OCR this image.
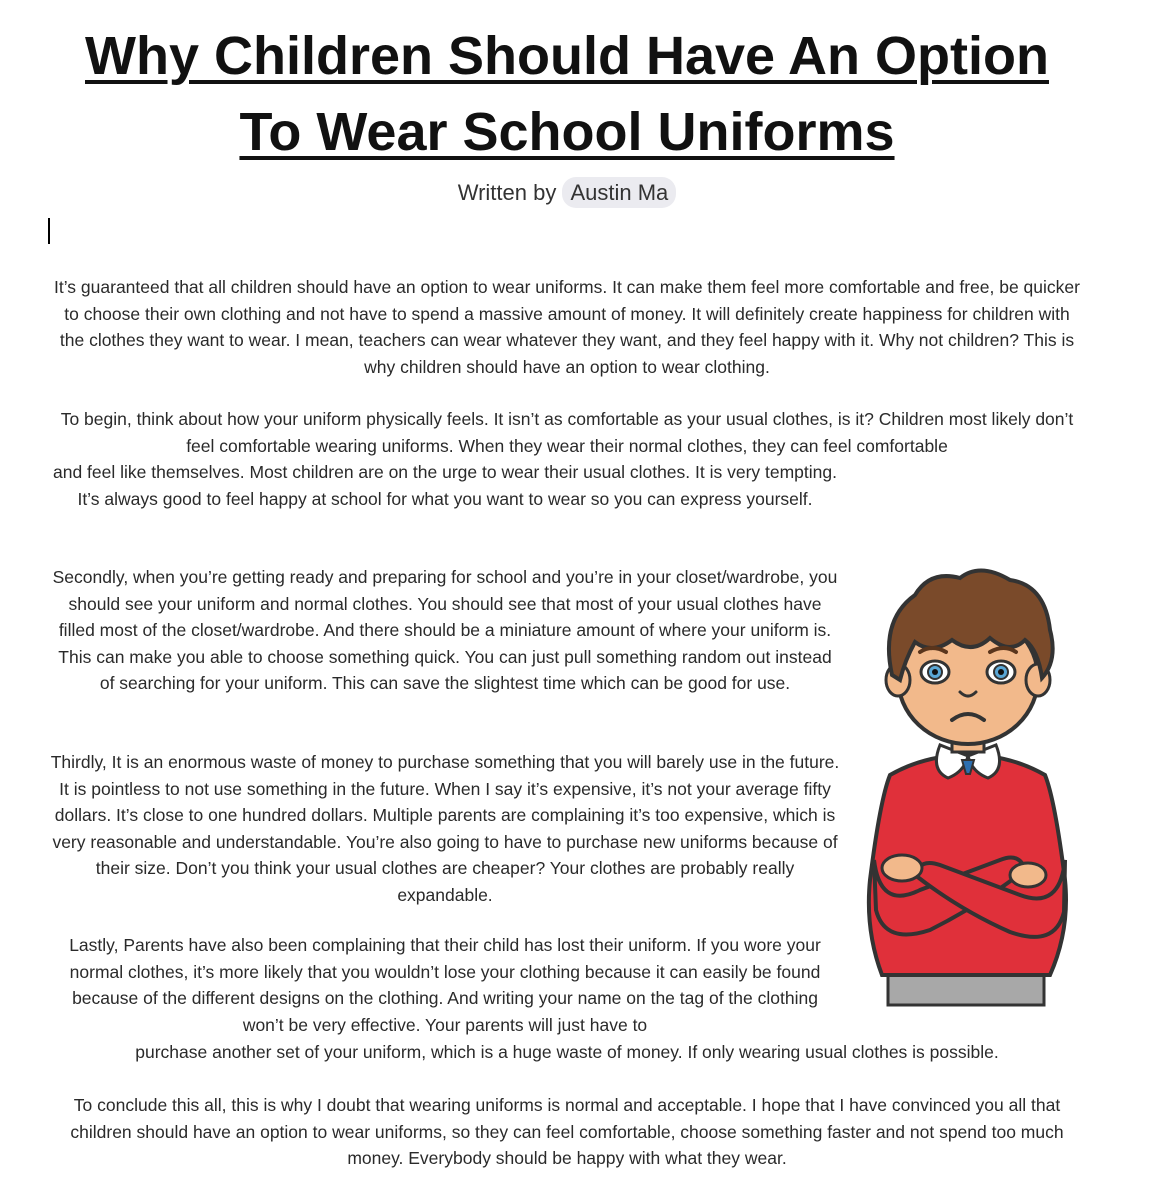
Why Children Should Have An Option
To Wear School Uniforms
Written by Austin Ma

It’s guaranteed that all children should have an option to wear uniforms. It can make them feel more comfortable and free, be quicker to choose their own clothing and not have to spend a massive amount of money. It will definitely create happiness for children with the clothes they want to wear. I mean, teachers can wear whatever they want, and they feel happy with it. Why not children? This is why children should have an option to wear clothing.

To begin, think about how your uniform physically feels. It isn’t as comfortable as your usual clothes, is it? Children most likely don’t feel comfortable wearing uniforms. When they wear their normal clothes, they can feel comfortable

and feel like themselves. Most children are on the urge to wear their usual clothes. It is very tempting. It’s always good to feel happy at school for what you want to wear so you can express yourself.

Secondly, when you’re getting ready and preparing for school and you’re in your closet/wardrobe, you should see your uniform and normal clothes. You should see that most of your usual clothes have filled most of the closet/wardrobe. And there should be a miniature amount of where your uniform is. This can make you able to choose something quick. You can just pull something random out instead of searching for your uniform. This can save the slightest time which can be good for use.

Thirdly, It is an enormous waste of money to purchase something that you will barely use in the future. It is pointless to not use something in the future. When I say it’s expensive, it’s not your average fifty dollars. It’s close to one hundred dollars. Multiple parents are complaining it’s too expensive, which is very reasonable and understandable. You’re also going to have to purchase new uniforms because of their size. Don’t you think your usual clothes are cheaper? Your clothes are probably really expandable.

Lastly, Parents have also been complaining that their child has lost their uniform. If you wore your normal clothes, it’s more likely that you wouldn’t lose your clothing because it can easily be found because of the different designs on the clothing. And writing your name on the tag of the clothing won’t be very effective. Your parents will just have to

purchase another set of your uniform, which is a huge waste of money. If only wearing usual clothes is possible.

To conclude this all, this is why I doubt that wearing uniforms is normal and acceptable. I hope that I have convinced you all that children should have an option to wear uniforms, so they can feel comfortable, choose something faster and not spend too much money. Everybody should be happy with what they wear.
